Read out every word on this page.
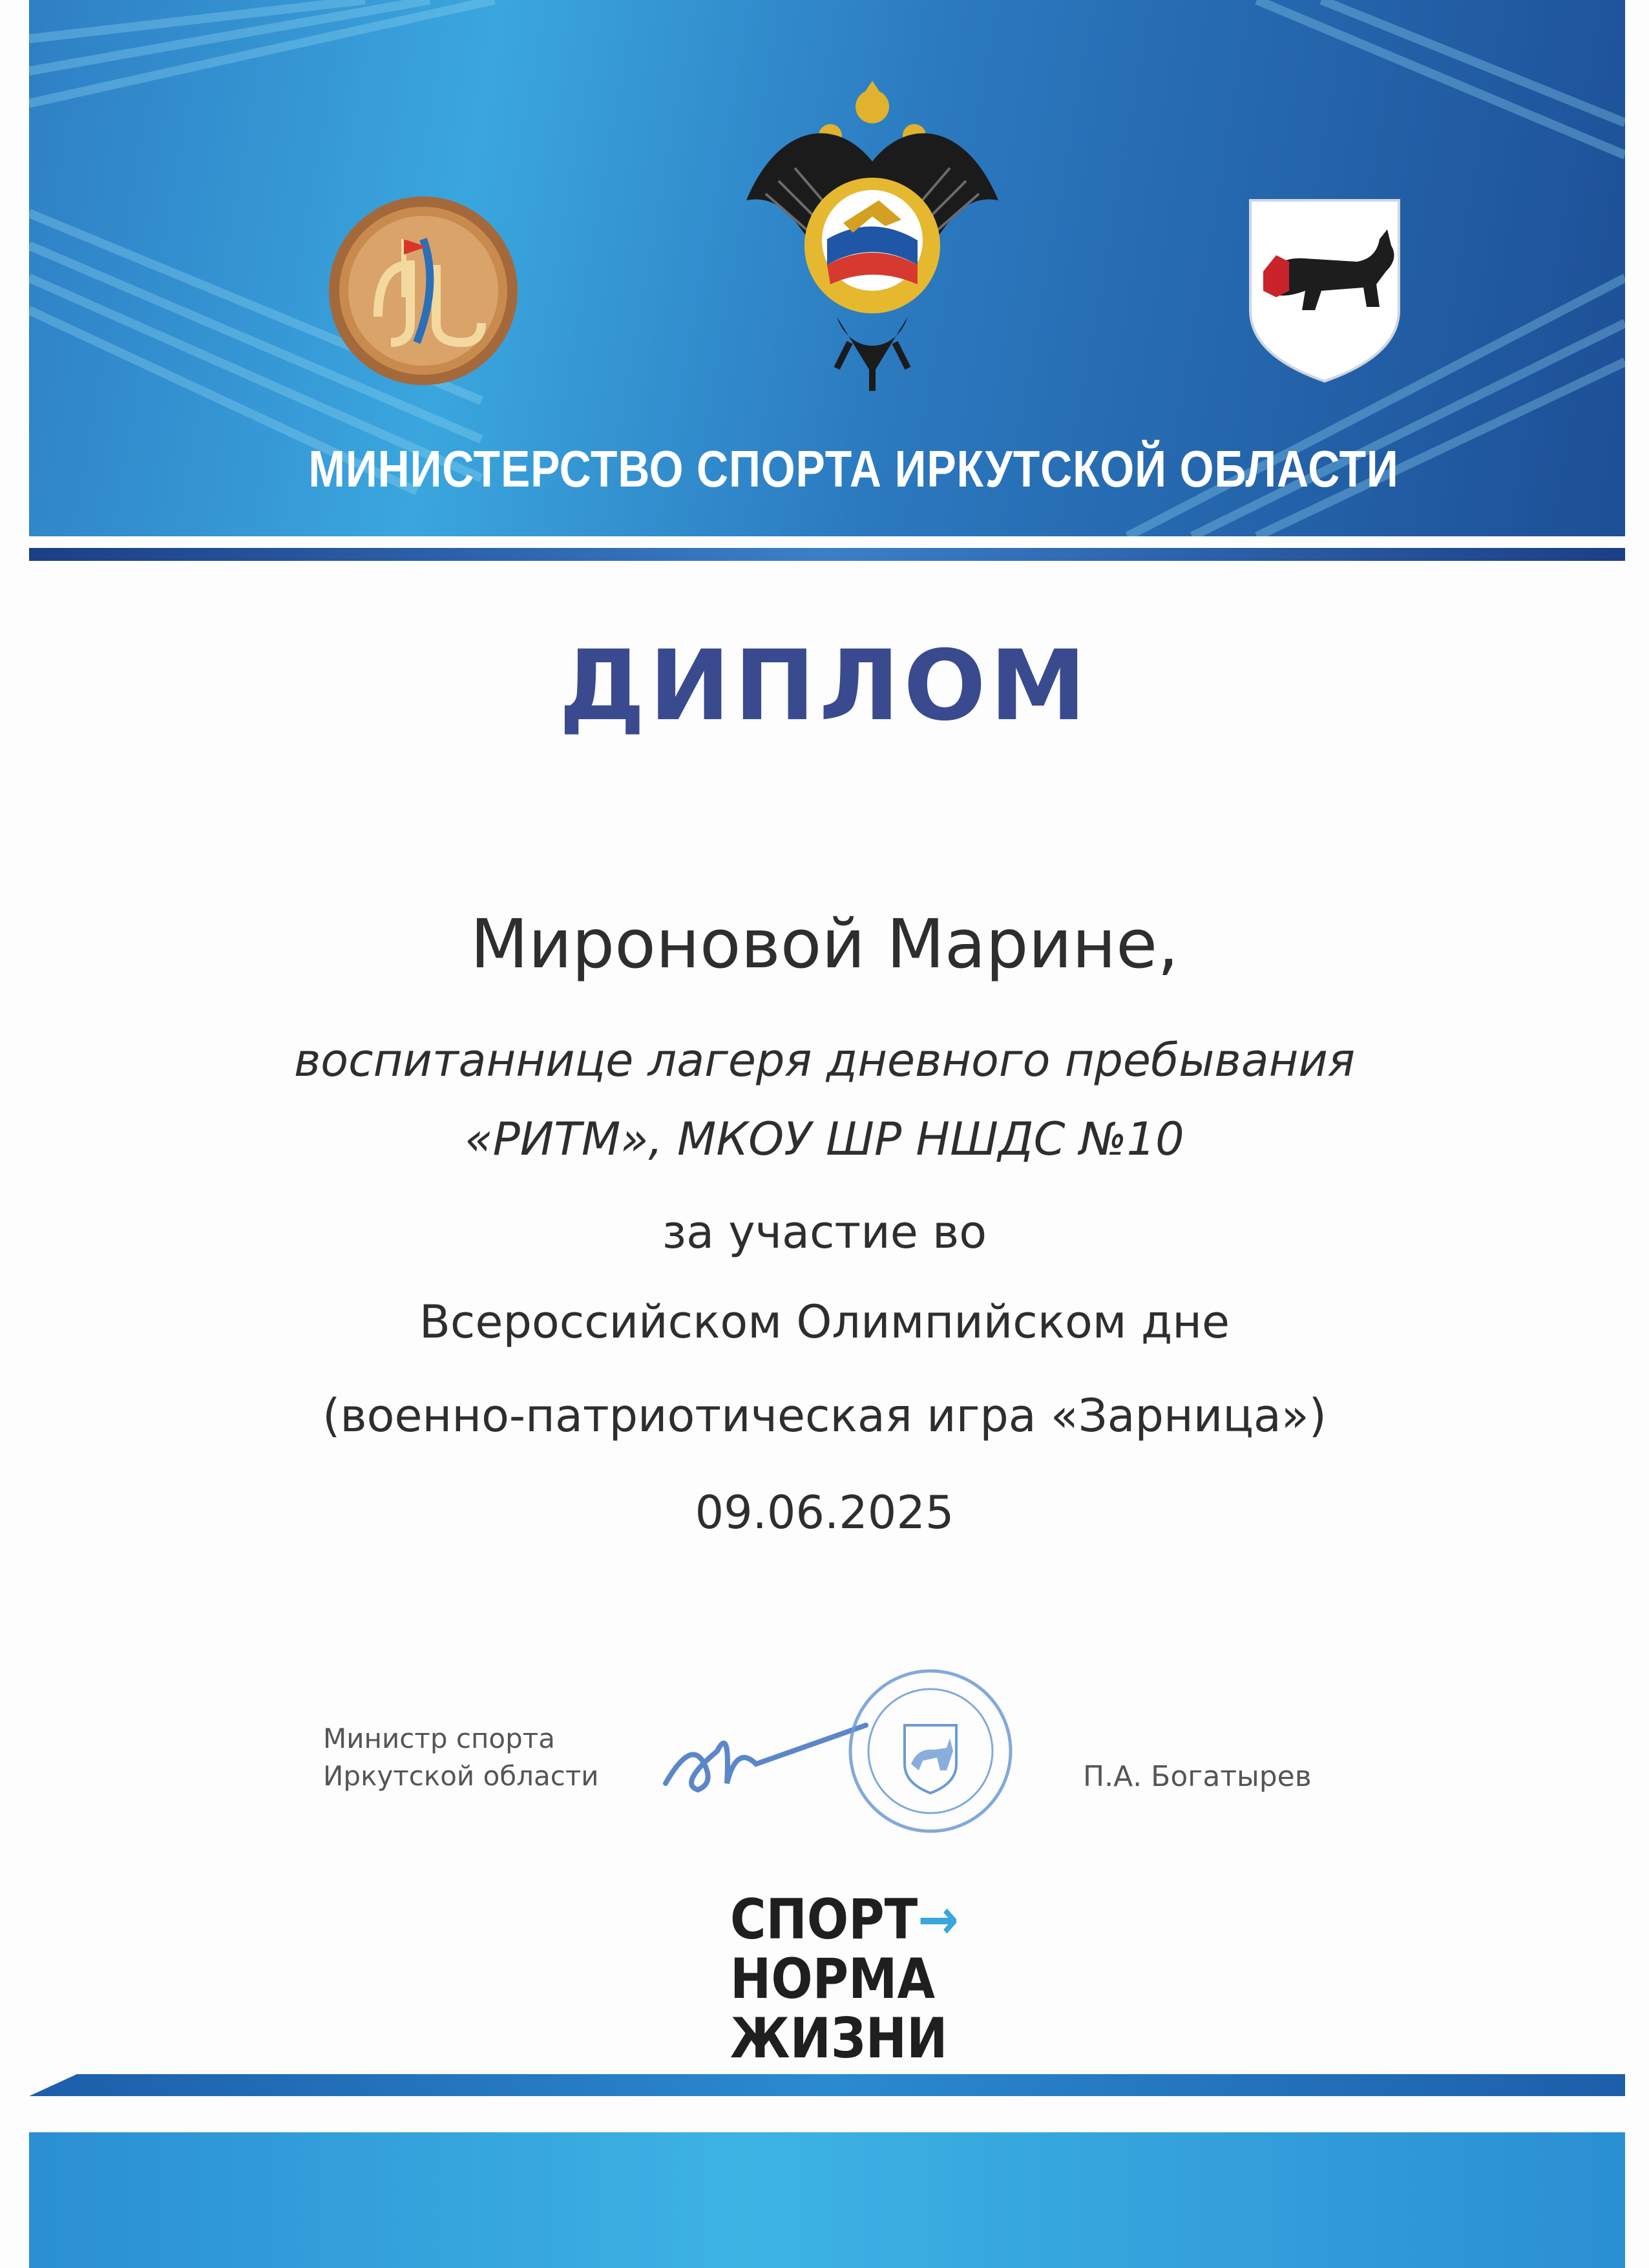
МИНИСТЕРСТВО СПОРТА ИРКУТСКОЙ ОБЛАСТИ
ДИПЛОМ
Мироновой Марине,
воспитаннице лагеря дневного пребывания
«РИТМ», МКОУ ШР НШДС №10
за участие во
Всероссийском Олимпийском дне
(военно-патриотическая игра «Зарница»)
09.06.2025
Министр спорта
Иркутской области	П.А. Богатырев
СПОРТ→
НОРМА
ЖИЗНИ
